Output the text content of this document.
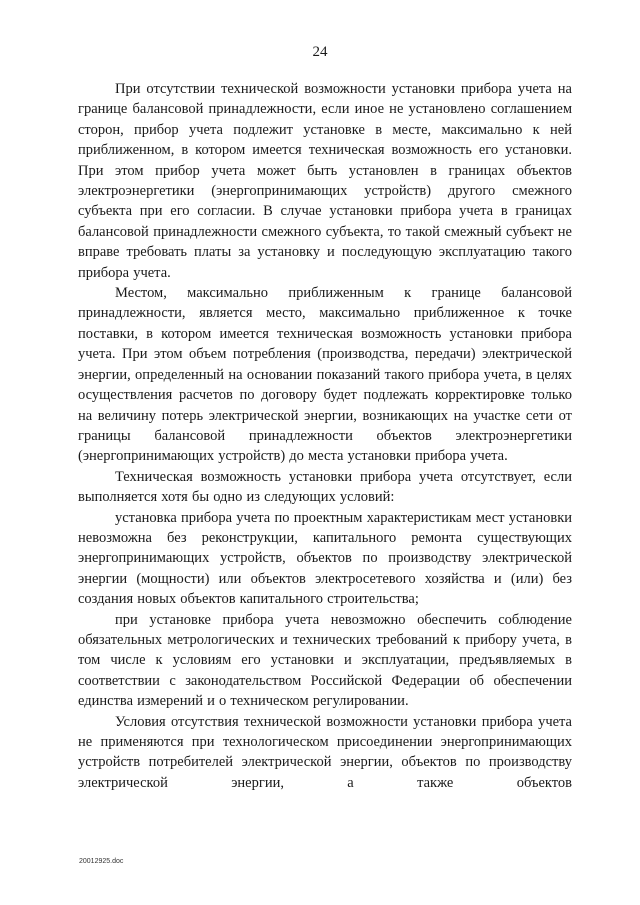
24

При отсутствии технической возможности установки прибора учета на границе балансовой принадлежности, если иное не установлено соглашением сторон, прибор учета подлежит установке в месте, максимально к ней приближенном, в котором имеется техническая возможность его установки. При этом прибор учета может быть установлен в границах объектов электроэнергетики (энергопринимающих устройств) другого смежного субъекта при его согласии. В случае установки прибора учета в границах балансовой принадлежности смежного субъекта, то такой смежный субъект не вправе требовать платы за установку и последующую эксплуатацию такого прибора учета.

Местом, максимально приближенным к границе балансовой принадлежности, является место, максимально приближенное к точке поставки, в котором имеется техническая возможность установки прибора учета. При этом объем потребления (производства, передачи) электрической энергии, определенный на основании показаний такого прибора учета, в целях осуществления расчетов по договору будет подлежать корректировке только на величину потерь электрической энергии, возникающих на участке сети от границы балансовой принадлежности объектов электроэнергетики (энергопринимающих устройств) до места установки прибора учета.

Техническая возможность установки прибора учета отсутствует, если выполняется хотя бы одно из следующих условий:

установка прибора учета по проектным характеристикам мест установки невозможна без реконструкции, капитального ремонта существующих энергопринимающих устройств, объектов по производству электрической энергии (мощности) или объектов электросетевого хозяйства и (или) без создания новых объектов капитального строительства;

при установке прибора учета невозможно обеспечить соблюдение обязательных метрологических и технических требований к прибору учета, в том числе к условиям его установки и эксплуатации, предъявляемых в соответствии с законодательством Российской Федерации об обеспечении единства измерений и о техническом регулировании.

Условия отсутствия технической возможности установки прибора учета не применяются при технологическом присоединении энергопринимающих устройств потребителей электрической энергии, объектов по производству электрической энергии, а также объектов

20012925.doc
